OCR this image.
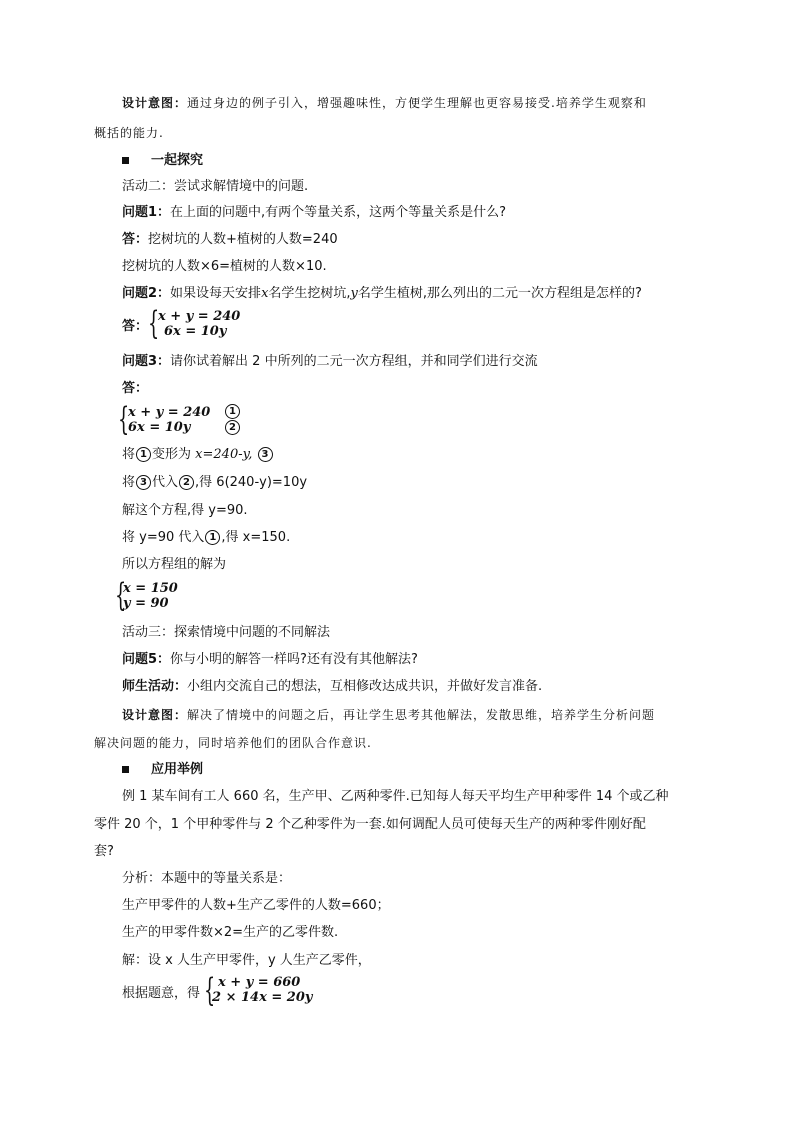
设计意图：通过身边的例子引入，增强趣味性，方便学生理解也更容易接受.培养学生观察和
概括的能力.
一起探究
活动二：尝试求解情境中的问题.
问题1：在上面的问题中,有两个等量关系，这两个等量关系是什么?
答：挖树坑的人数+植树的人数=240
挖树坑的人数×6=植树的人数×10.
问题2：如果设每天安排x名学生挖树坑,y名学生植树,那么列出的二元一次方程组是怎样的?
答： {
x + y = 240
6x = 10y
问题3：请你试着解出 2 中所列的二元一次方程组，并和同学们进行交流
答：
{
x + y = 240
6x = 10y
1
2
将 1 变形为 x=240-y, 3
将 3 代入 2 ,得 6(240-y)=10y
解这个方程,得 y=90.
将 y=90 代入 1 ,得 x=150.
所以方程组的解为
{
x = 150
y = 90
活动三：探索情境中问题的不同解法
问题5：你与小明的解答一样吗?还有没有其他解法?
师生活动：小组内交流自己的想法，互相修改达成共识，并做好发言准备.
设计意图：解决了情境中的问题之后，再让学生思考其他解法，发散思维，培养学生分析问题
解决问题的能力，同时培养他们的团队合作意识.
应用举例
例 1 某车间有工人 660 名，生产甲、乙两种零件.已知每人每天平均生产甲种零件 14 个或乙种
零件 20 个，1 个甲种零件与 2 个乙种零件为一套.如何调配人员可使每天生产的两种零件刚好配
套?
分析：本题中的等量关系是：
生产甲零件的人数+生产乙零件的人数=660；
生产的甲零件数×2=生产的乙零件数.
解：设 x 人生产甲零件，y 人生产乙零件，
根据题意，得 { x + y = 660
2 × 14x = 20y
